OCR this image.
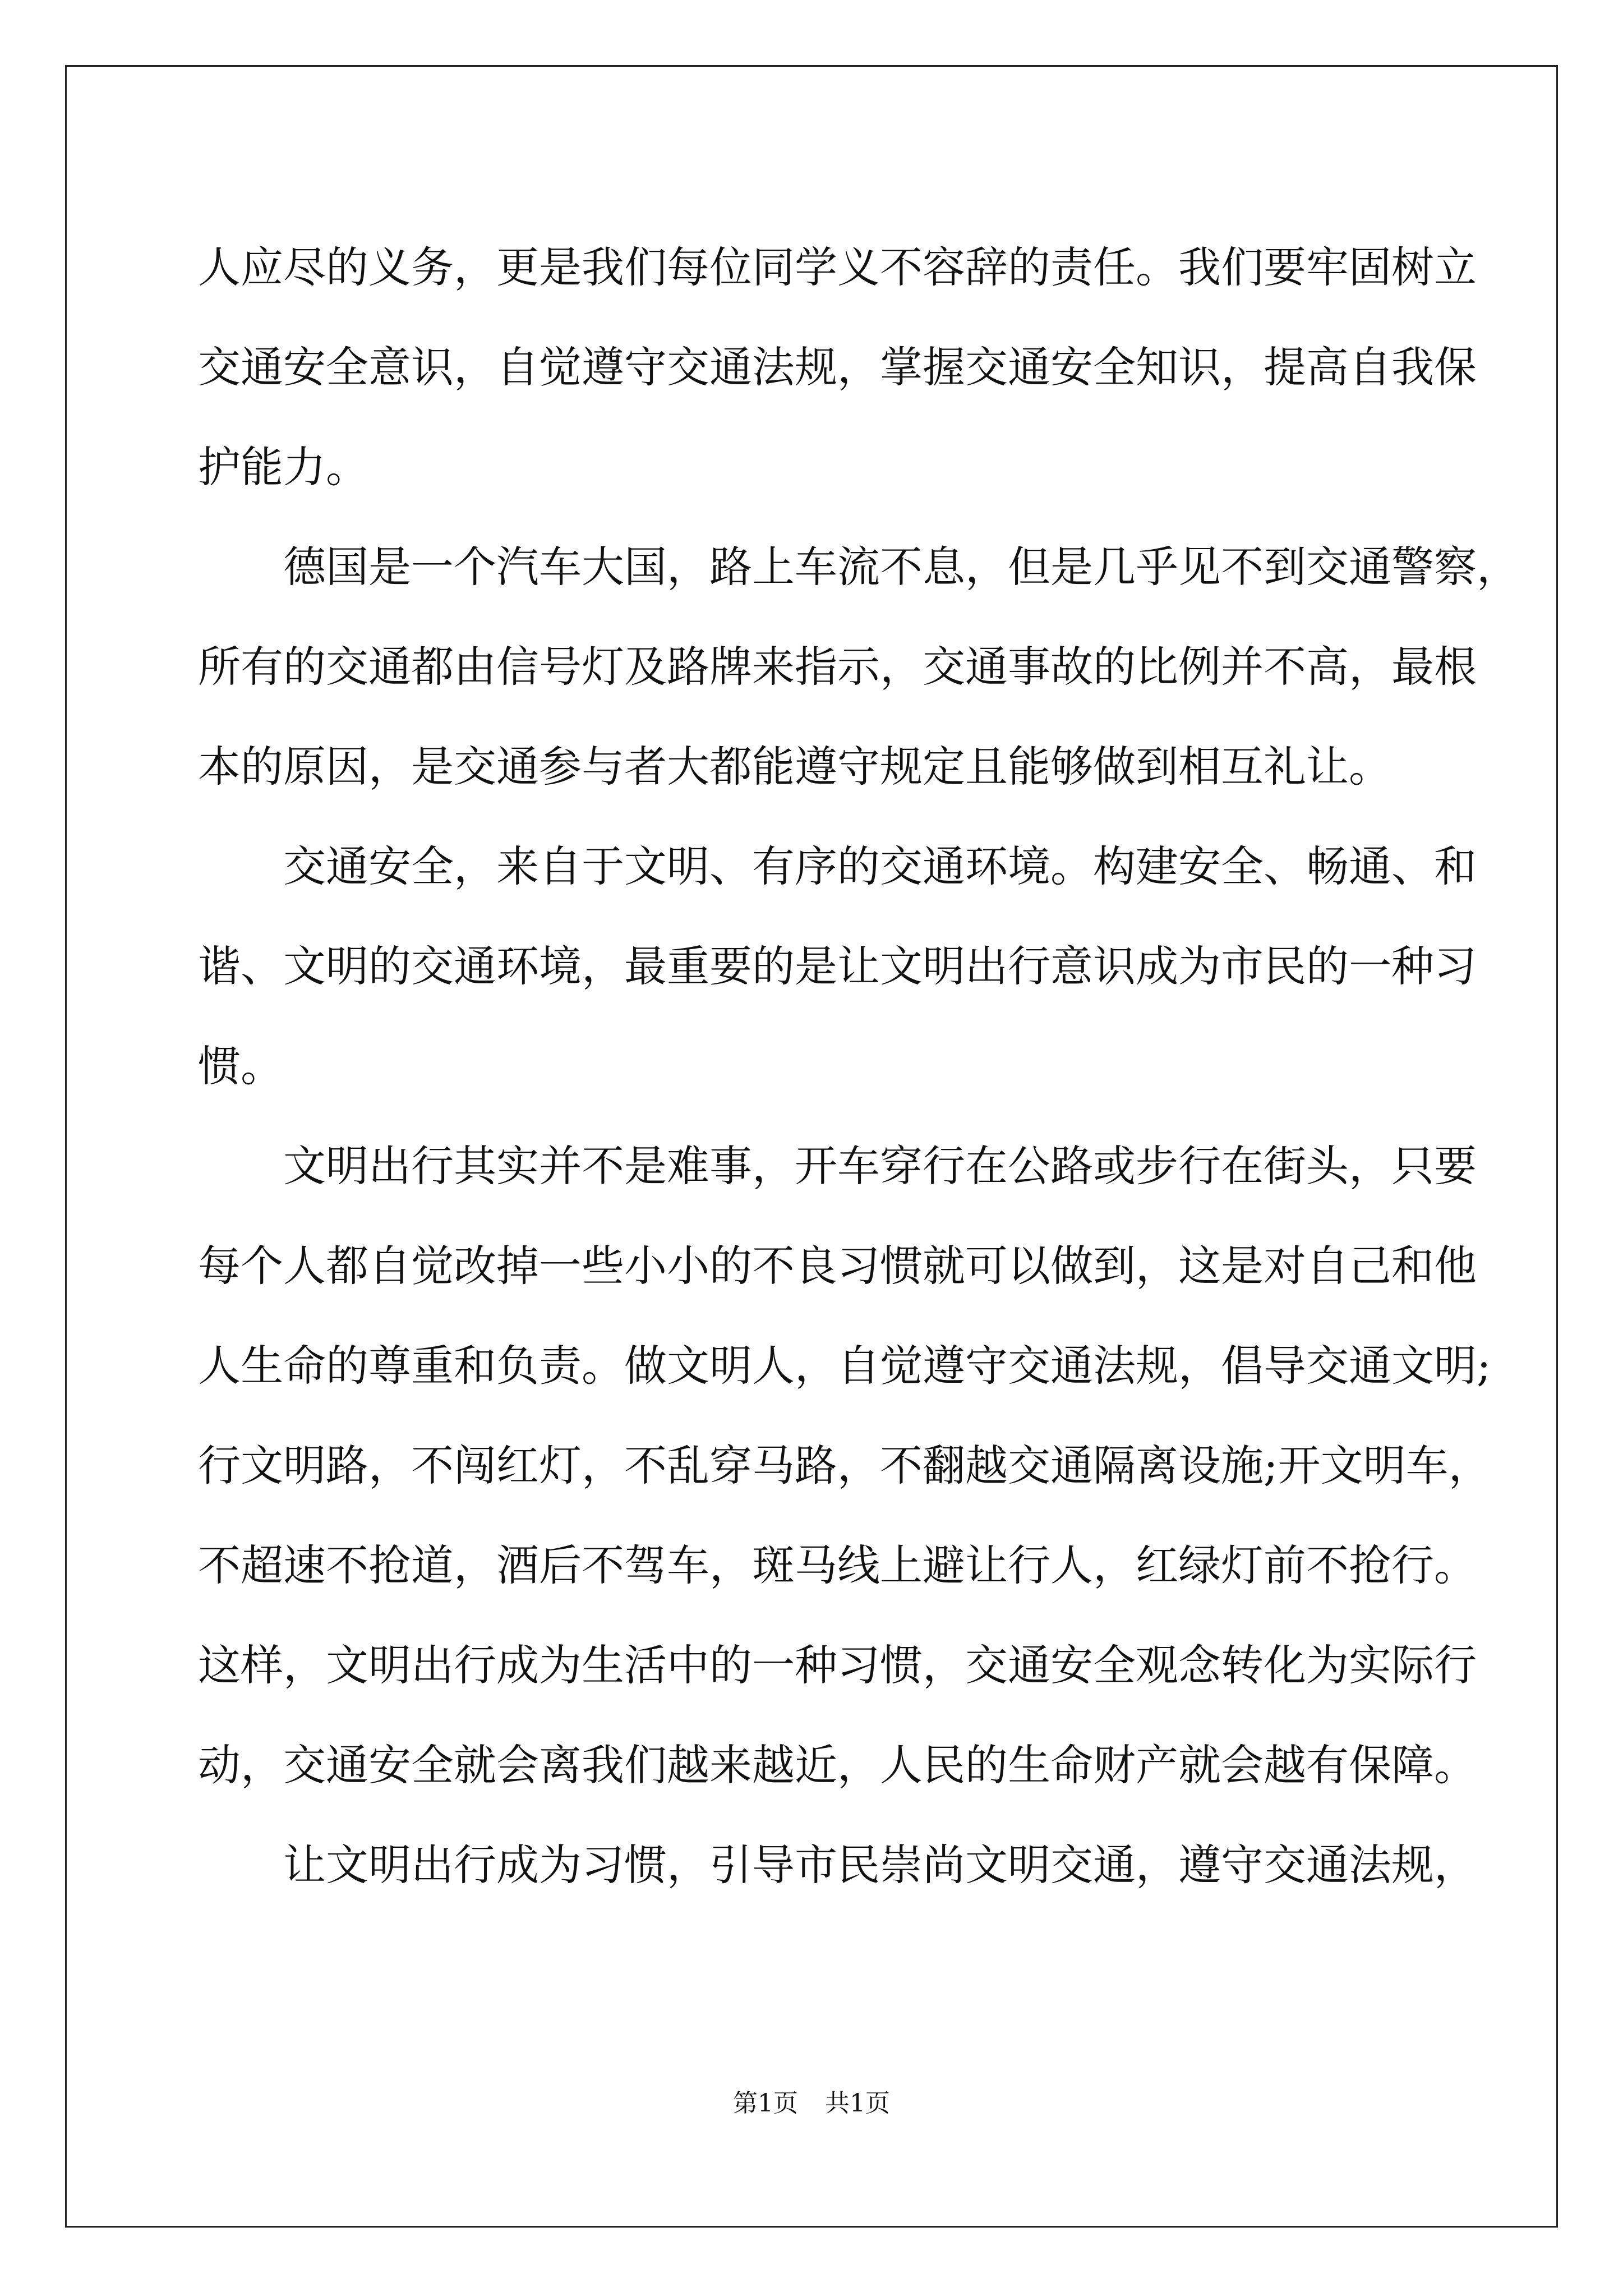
人应尽的义务，更是我们每位同学义不容辞的责任。我们要牢固树立
交通安全意识，自觉遵守交通法规，掌握交通安全知识，提高自我保
护能力。
德国是一个汽车大国，路上车流不息，但是几乎见不到交通警察，
所有的交通都由信号灯及路牌来指示，交通事故的比例并不高，最根
本的原因，是交通参与者大都能遵守规定且能够做到相互礼让。
交通安全，来自于文明、有序的交通环境。构建安全、畅通、和
谐、文明的交通环境，最重要的是让文明出行意识成为市民的一种习
惯。
文明出行其实并不是难事，开车穿行在公路或步行在街头，只要
每个人都自觉改掉一些小小的不良习惯就可以做到，这是对自己和他
人生命的尊重和负责。做文明人，自觉遵守交通法规，倡导交通文明;
行文明路，不闯红灯，不乱穿马路，不翻越交通隔离设施;开文明车，
不超速不抢道，酒后不驾车，斑马线上避让行人，红绿灯前不抢行。
这样，文明出行成为生活中的一种习惯，交通安全观念转化为实际行
动，交通安全就会离我们越来越近，人民的生命财产就会越有保障。
让文明出行成为习惯，引导市民崇尚文明交通，遵守交通法规，
第1页 共1页
